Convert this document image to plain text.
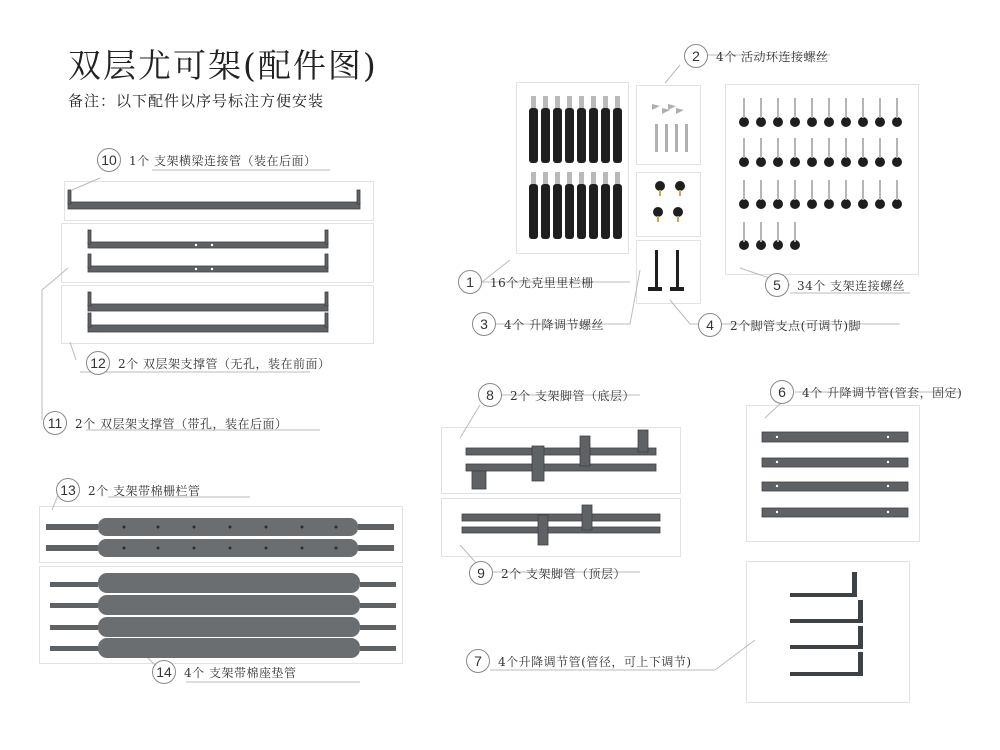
双层尤可架(配件图)
备注：以下配件以序号标注方便安装
10	1个 支架横梁连接管（装在后面）
11	2个 双层架支撑管（带孔，装在后面）
12	2个 双层架支撑管（无孔，装在前面）
13	2个 支架带棉栅栏管
14	4个 支架带棉座垫管
1	16个尤克里里栏栅
2	4个 活动环连接螺丝
3	4个 升降调节螺丝	4	2个脚管支点(可调节)脚
5	34个 支架连接螺丝
6	4个 升降调节管(管套，固定)
7	4个升降调节管(管径，可上下调节)
8	2个 支架脚管（底层）
9	2个 支架脚管（顶层）
